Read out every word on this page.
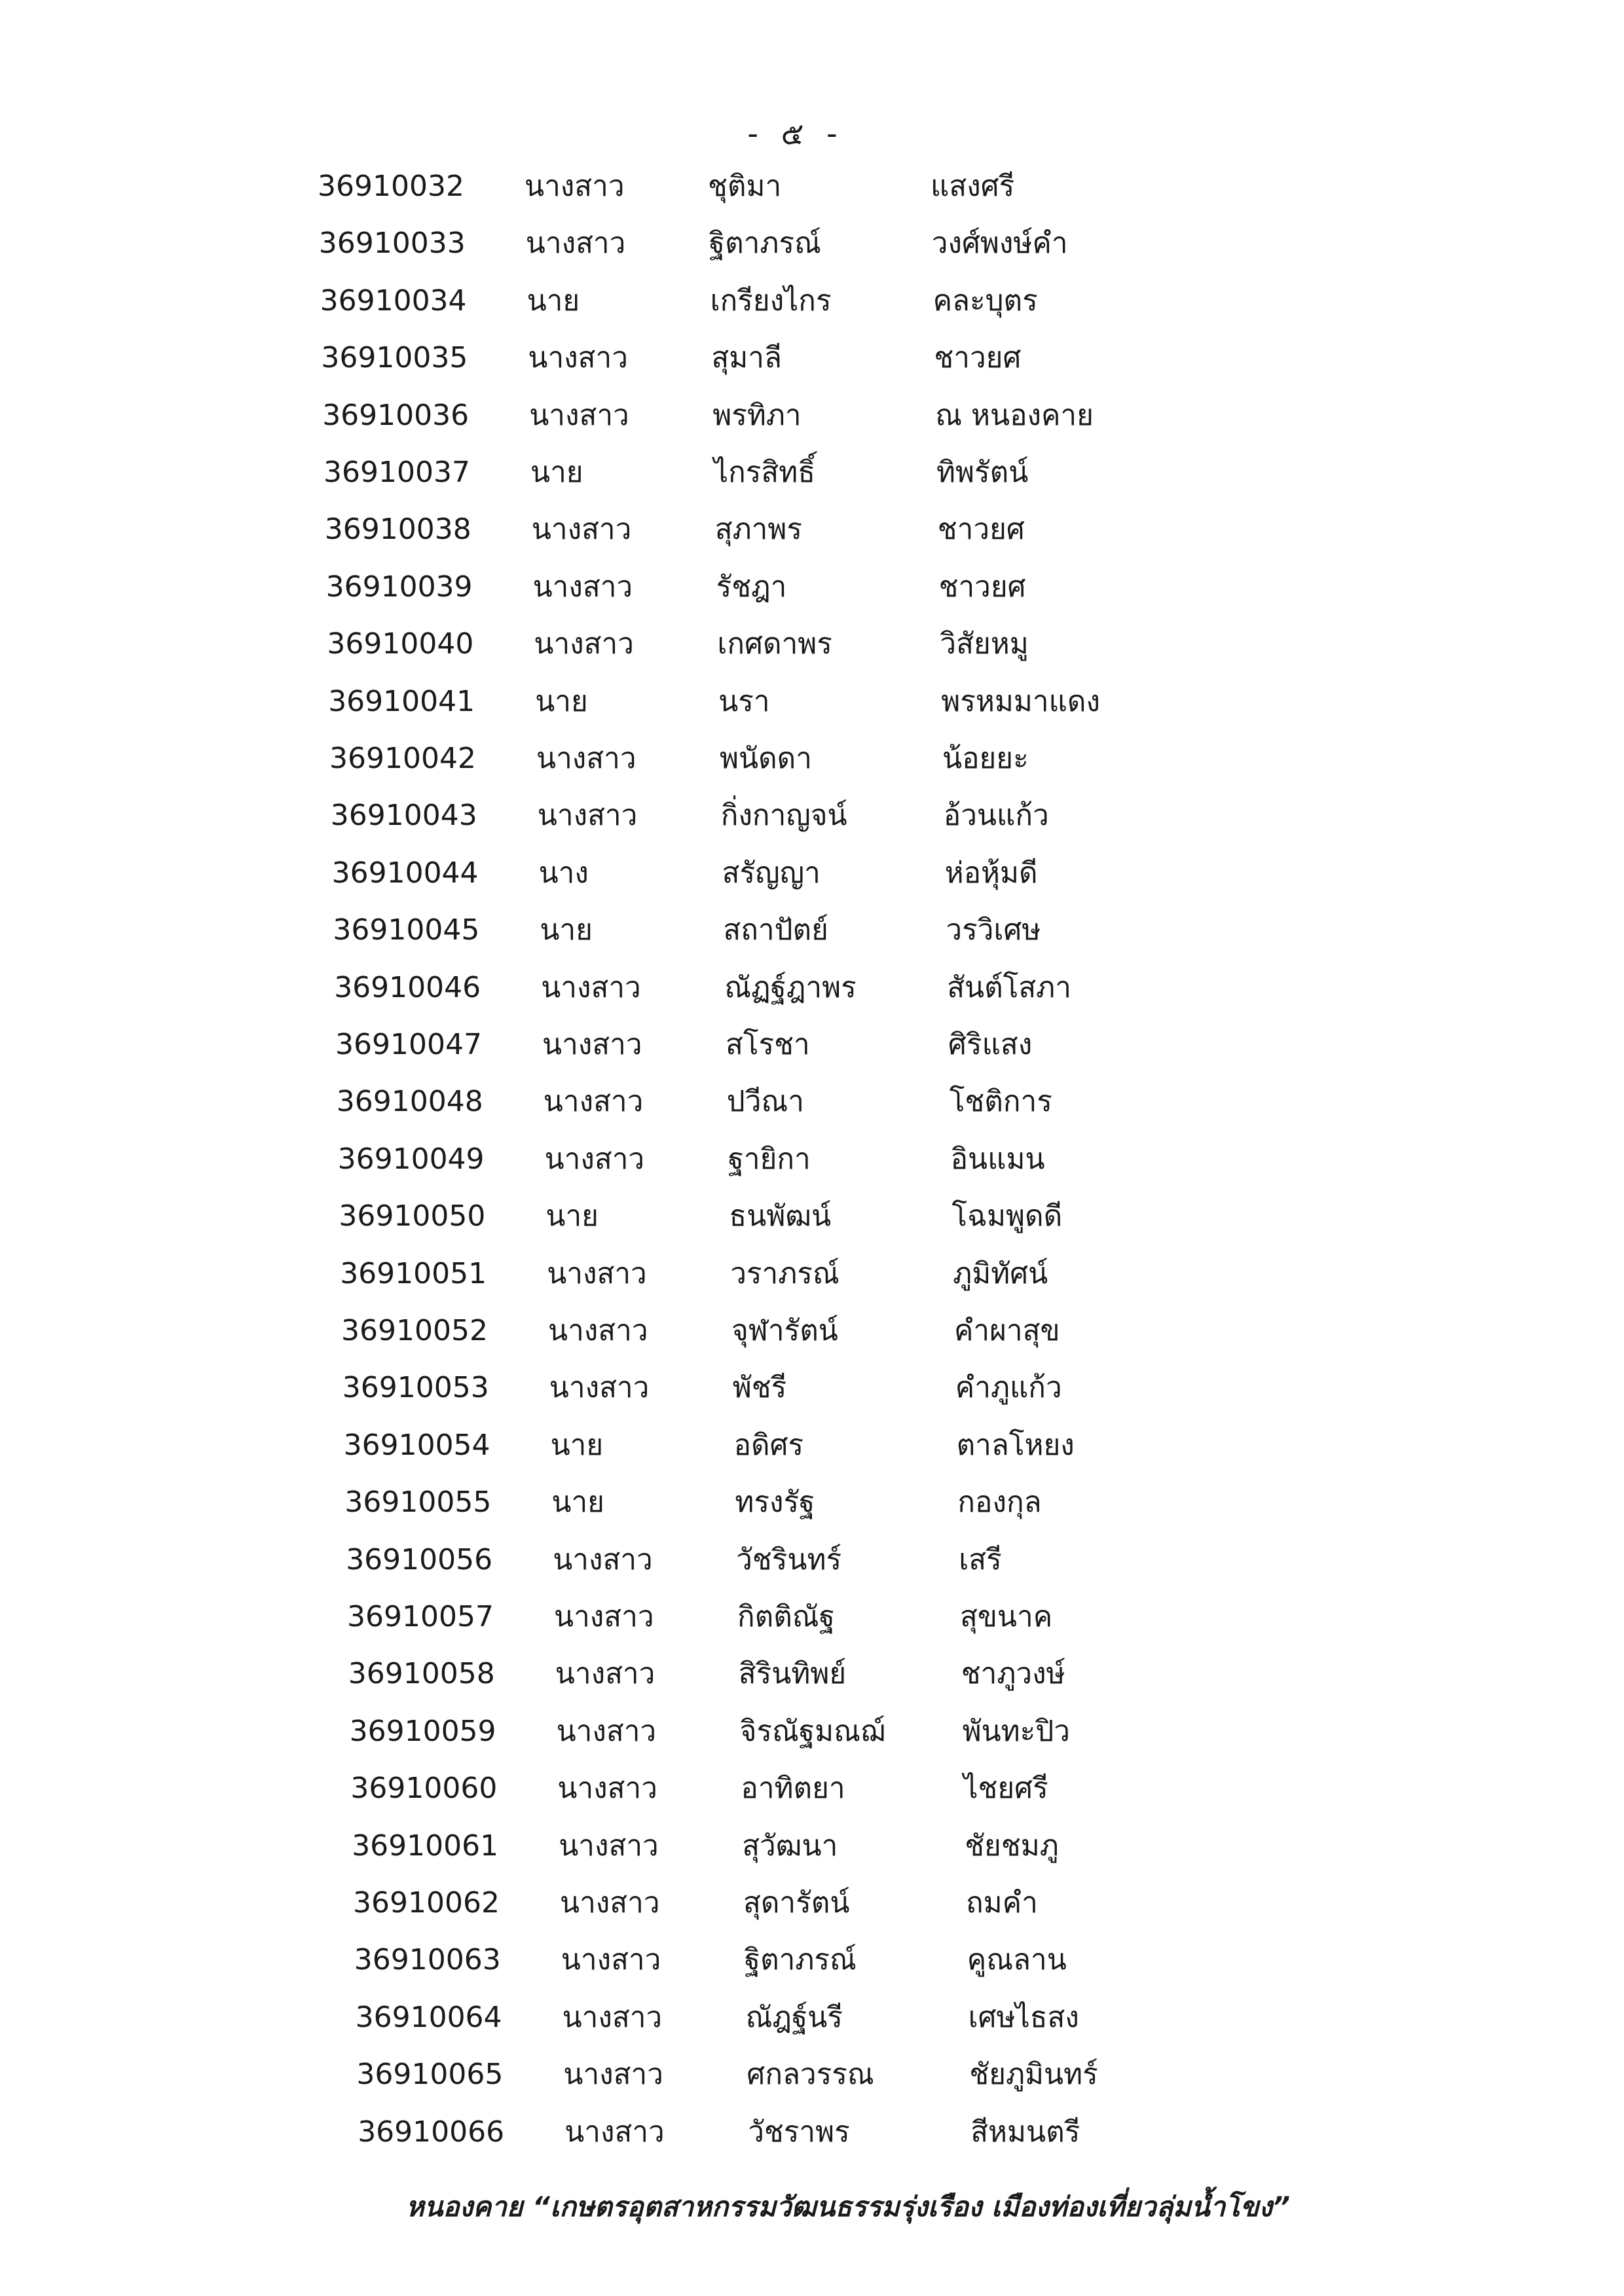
- ๕ -
36910032 นางสาว	ชุติมา	แสงศรี
36910033 นางสาว	ฐิตาภรณ์	วงศ์พงษ์คำ
36910034 นาย	เกรียงไกร	คละบุตร
36910035 นางสาว	สุมาลี	ชาวยศ
36910036 นางสาว	พรทิภา	ณ หนองคาย
36910037 นาย	ไกรสิทธิ์	ทิพรัตน์
36910038 นางสาว	สุภาพร	ชาวยศ
36910039 นางสาว	รัชฎา	ชาวยศ
36910040 นางสาว	เกศดาพร	วิสัยหมู
36910041 นาย	นรา	พรหมมาแดง
36910042 นางสาว	พนัดดา	น้อยยะ
36910043 นางสาว	กิ่งกาญจน์	อ้วนแก้ว
36910044 นาง	สรัญญา	ห่อหุ้มดี
36910045 นาย	สถาปัตย์	วรวิเศษ
36910046 นางสาว	ณัฏฐ์ฎาพร	สันต์โสภา
36910047 นางสาว	สโรชา	ศิริแสง
36910048 นางสาว	ปวีณา	โชติการ
36910049 นางสาว	ฐายิกา	อินแมน
36910050 นาย	ธนพัฒน์	โฉมพูดดี
36910051 นางสาว	วราภรณ์	ภูมิทัศน์
36910052 นางสาว	จุฬารัตน์	คำผาสุข
36910053 นางสาว	พัชรี	คำภูแก้ว
36910054 นาย	อดิศร	ตาลโหยง
36910055 นาย	ทรงรัฐ	กองกุล
36910056 นางสาว	วัชรินทร์	เสรี
36910057 นางสาว	กิตติณัฐ	สุขนาค
36910058 นางสาว	สิรินทิพย์	ชาภูวงษ์
36910059 นางสาว	จิรณัฐมณฌ์	พันทะปิว
36910060 นางสาว	อาทิตยา	ไชยศรี
36910061 นางสาว	สุวัฒนา	ชัยชมภู
36910062 นางสาว	สุดารัตน์	ถมคำ
36910063 นางสาว	ฐิตาภรณ์	คูณลาน
36910064 นางสาว	ณัฎฐ์นรี	เศษไธสง
36910065 นางสาว	ศกลวรรณ	ชัยภูมินทร์
36910066 นางสาว	วัชราพร	สีหมนตรี
หนองคาย “เกษตรอุตสาหกรรมวัฒนธรรมรุ่งเรือง เมืองท่องเที่ยวลุ่มน้ำโขง”
